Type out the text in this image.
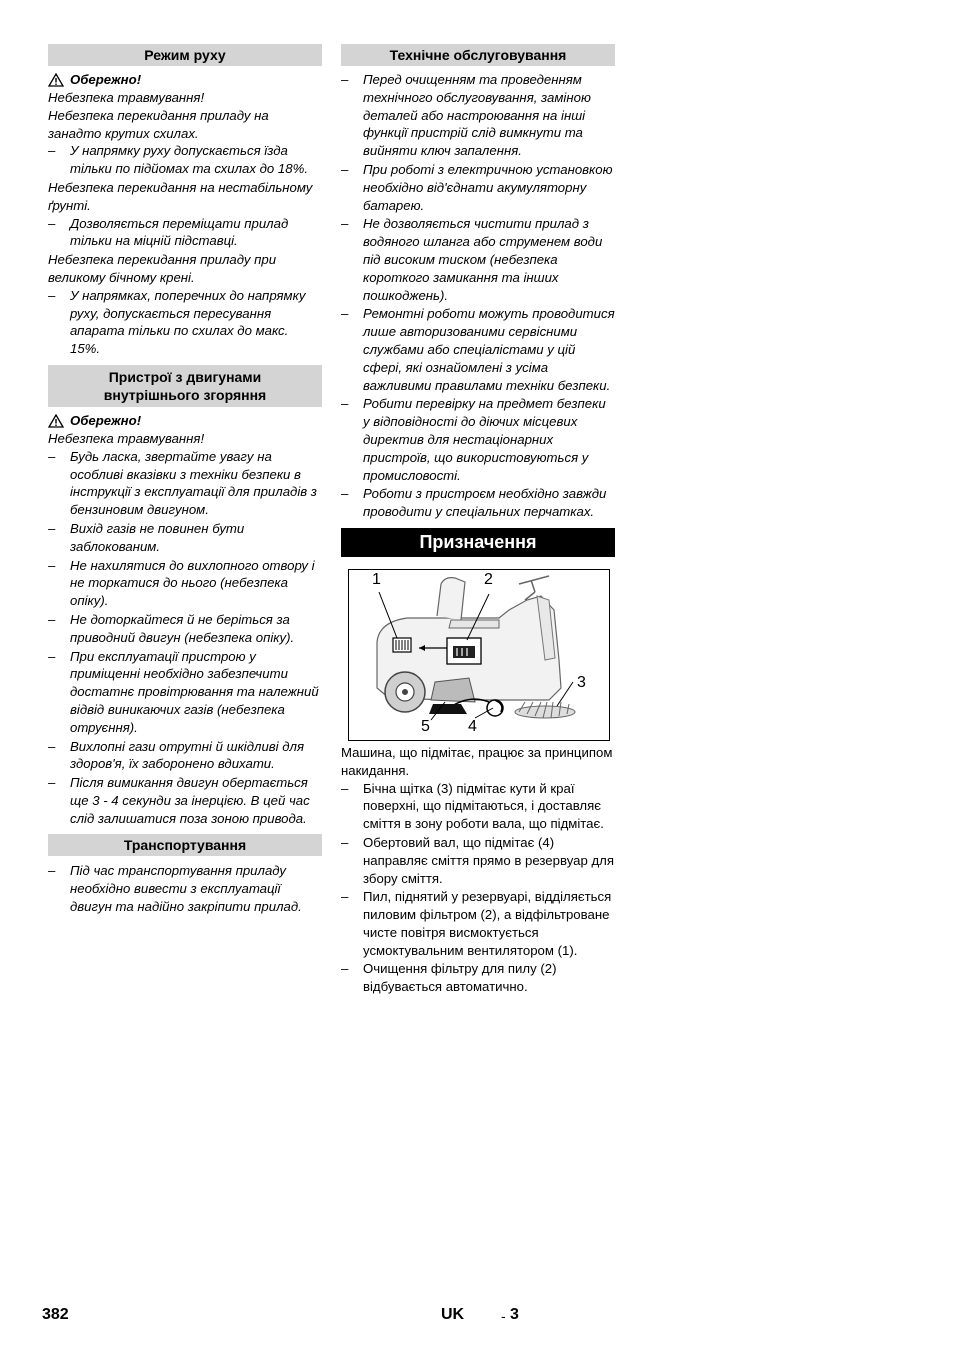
Режим руху
Обережно!

Небезпека травмування!

Небезпека перекидання приладу на занадто крутих схилах.

– У напрямку руху допускається їзда тільки по підйомах та схилах до 18%.

Небезпека перекидання на нестабільному ґрунті.

– Дозволяється переміщати прилад тільки на міцній підставці.

Небезпека перекидання приладу при великому бічному крені.

– У напрямках, поперечних до напрямку руху, допускається пересування апарата тільки по схилах до макс. 15%.
Пристрої з двигунами
внутрішнього згоряння
Обережно!

Небезпека травмування!

– Будь ласка, звертайте увагу на особливі вказівки з техніки безпеки в інструкції з експлуатації для приладів з бензиновим двигуном.
– Вихід газів не повинен бути заблокованим.
– Не нахилятися до вихлопного отвору і не торкатися до нього (небезпека опіку).
– Не доторкайтеся й не беріться за приводний двигун (небезпека опіку).
– При експлуатації пристрою у приміщенні необхідно забезпечити достатнє провітрювання та належний відвід виникаючих газів (небезпека отруєння).
– Вихлопні гази отрутні й шкідливі для здоров'я, їх заборонено вдихати.
– Після вимикання двигун обертається ще 3 - 4 секунди за інерцією. В цей час слід залишатися поза зоною привода.
Транспортування
– Під час транспортування приладу необхідно вивести з експлуатації двигун та надійно закріпити прилад.
Технічне обслуговування
– Перед очищенням та проведенням технічного обслуговування, заміною деталей або настроювання на інші функції пристрій слід вимкнути та вийняти ключ запалення.
– При роботі з електричною установкою необхідно від'єднати акумуляторну батарею.
– Не дозволяється чистити прилад з водяного шланга або струменем води під високим тиском (небезпека короткого замикання та інших пошкоджень).
– Ремонтні роботи можуть проводитися лише авторизованими сервісними службами або спеціалістами у цій сфері, які ознайомлені з усіма важливими правилами техніки безпеки.
– Робити перевірку на предмет безпеки у відповідності до діючих місцевих директив для нестаціонарних пристроїв, що використовуються у промисловості.
– Роботи з пристроєм необхідно завжди проводити у спеціальних перчатках.
Призначення
1	2
3
4
5

Машина, що підмітає, працює за принципом накидання.

– Бічна щітка (3) підмітає кути й краї поверхні, що підмітаються, і доставляє сміття в зону роботи вала, що підмітає.
– Обертовий вал, що підмітає (4) направляє сміття прямо в резервуар для збору сміття.
– Пил, піднятий у резервуарі, відділяється пиловим фільтром (2), а відфільтроване чисте повітря висмоктується усмоктувальним вентилятором (1).
– Очищення фільтру для пилу (2) відбувається автоматично.
382	UK	- 3
